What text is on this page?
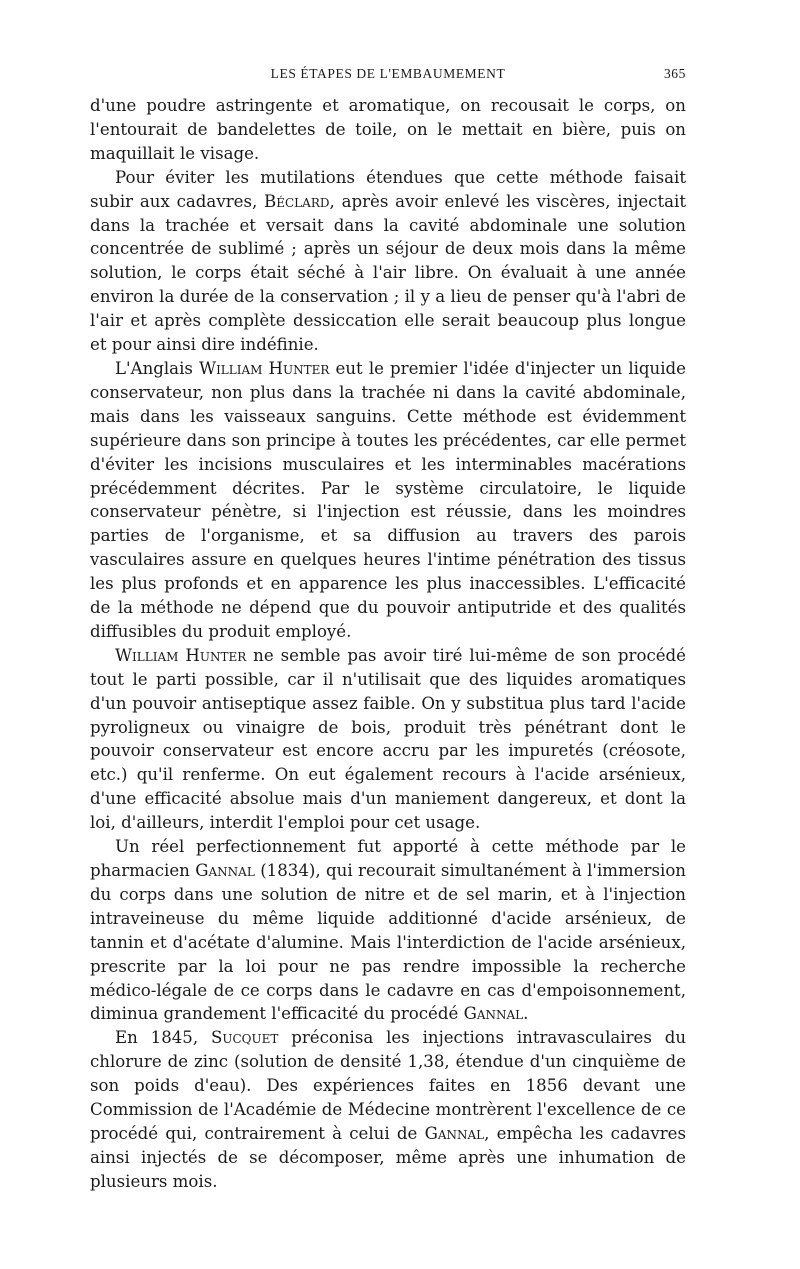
LES ÉTAPES DE L'EMBAUMEMENT	365

d'une poudre astringente et aromatique, on recousait le corps, on l'entourait de bandelettes de toile, on le mettait en bière, puis on maquillait le visage.

Pour éviter les mutilations étendues que cette méthode faisait subir aux cadavres, Béclard, après avoir enlevé les viscères, injectait dans la trachée et versait dans la cavité abdominale une solution concentrée de sublimé ; après un séjour de deux mois dans la même solution, le corps était séché à l'air libre. On évaluait à une année environ la durée de la conservation ; il y a lieu de penser qu'à l'abri de l'air et après complète dessiccation elle serait beaucoup plus longue et pour ainsi dire indéfinie.

L'Anglais William Hunter eut le premier l'idée d'injecter un liquide conservateur, non plus dans la trachée ni dans la cavité abdominale, mais dans les vaisseaux sanguins. Cette méthode est évidemment supérieure dans son principe à toutes les précédentes, car elle permet d'éviter les incisions musculaires et les interminables macérations précédemment décrites. Par le système circulatoire, le liquide conservateur pénètre, si l'injection est réussie, dans les moindres parties de l'organisme, et sa diffusion au travers des parois vasculaires assure en quelques heures l'intime pénétration des tissus les plus profonds et en apparence les plus inaccessibles. L'efficacité de la méthode ne dépend que du pouvoir antiputride et des qualités diffusibles du produit employé.

William Hunter ne semble pas avoir tiré lui-même de son procédé tout le parti possible, car il n'utilisait que des liquides aromatiques d'un pouvoir antiseptique assez faible. On y substitua plus tard l'acide pyroligneux ou vinaigre de bois, produit très pénétrant dont le pouvoir conservateur est encore accru par les impuretés (créosote, etc.) qu'il renferme. On eut également recours à l'acide arsénieux, d'une efficacité absolue mais d'un maniement dangereux, et dont la loi, d'ailleurs, interdit l'emploi pour cet usage.

Un réel perfectionnement fut apporté à cette méthode par le pharmacien Gannal (1834), qui recourait simultanément à l'immersion du corps dans une solution de nitre et de sel marin, et à l'injection intraveineuse du même liquide additionné d'acide arsénieux, de tannin et d'acétate d'alumine. Mais l'interdiction de l'acide arsénieux, prescrite par la loi pour ne pas rendre impossible la recherche médico-légale de ce corps dans le cadavre en cas d'empoisonnement, diminua grandement l'efficacité du procédé Gannal.

En 1845, Sucquet préconisa les injections intravasculaires du chlorure de zinc (solution de densité 1,38, étendue d'un cinquième de son poids d'eau). Des expériences faites en 1856 devant une Commission de l'Académie de Médecine montrèrent l'excellence de ce procédé qui, contrairement à celui de Gannal, empêcha les cadavres ainsi injectés de se décomposer, même après une inhumation de plusieurs mois.
